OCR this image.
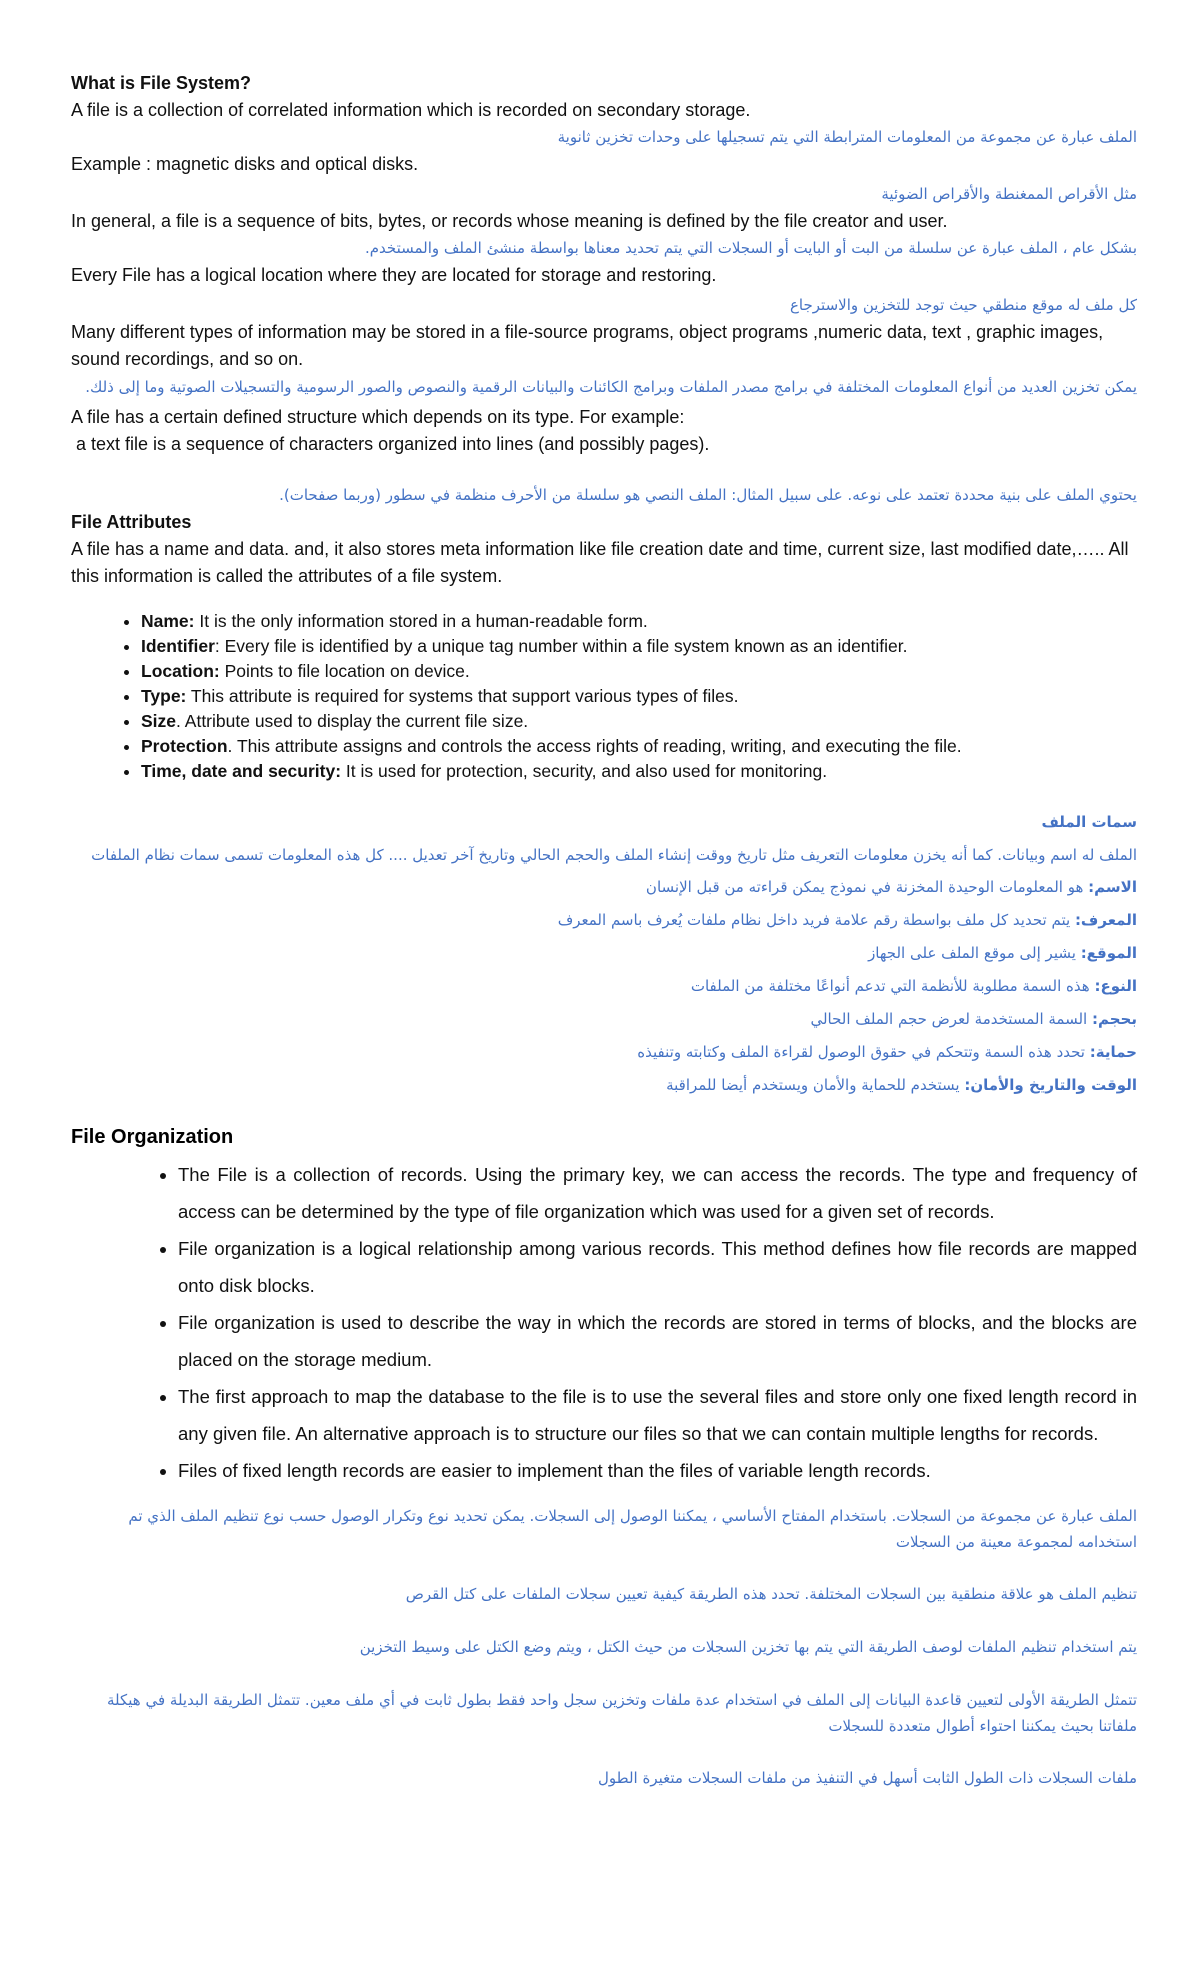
What is File System?

A file is a collection of correlated information which is recorded on secondary storage.

الملف عبارة عن مجموعة من المعلومات المترابطة التي يتم تسجيلها على وحدات تخزين ثانوية

Example : magnetic disks and optical disks.

مثل الأقراص الممغنطة والأقراص الضوئية

In general, a file is a sequence of bits, bytes, or records whose meaning is defined by the file creator and user.

بشكل عام ، الملف عبارة عن سلسلة من البت أو البايت أو السجلات التي يتم تحديد معناها بواسطة منشئ الملف والمستخدم.

Every File has a logical location where they are located for storage and restoring.

كل ملف له موقع منطقي حيث توجد للتخزين والاسترجاع

Many different types of information may be stored in a file-source programs, object programs ,numeric data, text , graphic images, sound recordings, and so on.

يمكن تخزين العديد من أنواع المعلومات المختلفة في برامج مصدر الملفات وبرامج الكائنات والبيانات الرقمية والنصوص والصور الرسومية والتسجيلات الصوتية وما إلى ذلك.

A file has a certain defined structure which depends on its type. For example:

a text file is a sequence of characters organized into lines (and possibly pages).

يحتوي الملف على بنية محددة تعتمد على نوعه. على سبيل المثال: الملف النصي هو سلسلة من الأحرف منظمة في سطور (وربما صفحات).

File Attributes

A file has a name and data. and, it also stores meta information like file creation date and time, current size, last modified date,….. All this information is called the attributes of a file system.

• Name: It is the only information stored in a human-readable form.
• Identifier: Every file is identified by a unique tag number within a file system known as an identifier.
• Location: Points to file location on device.
• Type: This attribute is required for systems that support various types of files.
• Size. Attribute used to display the current file size.
• Protection. This attribute assigns and controls the access rights of reading, writing, and executing the file.
• Time, date and security: It is used for protection, security, and also used for monitoring.

سمات الملف

الملف له اسم وبيانات. كما أنه يخزن معلومات التعريف مثل تاريخ ووقت إنشاء الملف والحجم الحالي وتاريخ آخر تعديل .... كل هذه المعلومات تسمى سمات نظام الملفات

الاسم: هو المعلومات الوحيدة المخزنة في نموذج يمكن قراءته من قبل الإنسان

المعرف: يتم تحديد كل ملف بواسطة رقم علامة فريد داخل نظام ملفات يُعرف باسم المعرف

الموقع: يشير إلى موقع الملف على الجهاز

النوع: هذه السمة مطلوبة للأنظمة التي تدعم أنواعًا مختلفة من الملفات

بحجم: السمة المستخدمة لعرض حجم الملف الحالي

حماية: تحدد هذه السمة وتتحكم في حقوق الوصول لقراءة الملف وكتابته وتنفيذه

الوقت والتاريخ والأمان: يستخدم للحماية والأمان ويستخدم أيضا للمراقبة

File Organization

• The File is a collection of records. Using the primary key, we can access the records. The type and frequency of access can be determined by the type of file organization which was used for a given set of records.
• File organization is a logical relationship among various records. This method defines how file records are mapped onto disk blocks.
• File organization is used to describe the way in which the records are stored in terms of blocks, and the blocks are placed on the storage medium.
• The first approach to map the database to the file is to use the several files and store only one fixed length record in any given file. An alternative approach is to structure our files so that we can contain multiple lengths for records.
• Files of fixed length records are easier to implement than the files of variable length records.

الملف عبارة عن مجموعة من السجلات. باستخدام المفتاح الأساسي ، يمكننا الوصول إلى السجلات. يمكن تحديد نوع وتكرار الوصول حسب نوع تنظيم الملف الذي تم استخدامه لمجموعة معينة من السجلات

تنظيم الملف هو علاقة منطقية بين السجلات المختلفة. تحدد هذه الطريقة كيفية تعيين سجلات الملفات على كتل القرص

يتم استخدام تنظيم الملفات لوصف الطريقة التي يتم بها تخزين السجلات من حيث الكتل ، ويتم وضع الكتل على وسيط التخزين

تتمثل الطريقة الأولى لتعيين قاعدة البيانات إلى الملف في استخدام عدة ملفات وتخزين سجل واحد فقط بطول ثابت في أي ملف معين. تتمثل الطريقة البديلة في هيكلة ملفاتنا بحيث يمكننا احتواء أطوال متعددة للسجلات

ملفات السجلات ذات الطول الثابت أسهل في التنفيذ من ملفات السجلات متغيرة الطول
